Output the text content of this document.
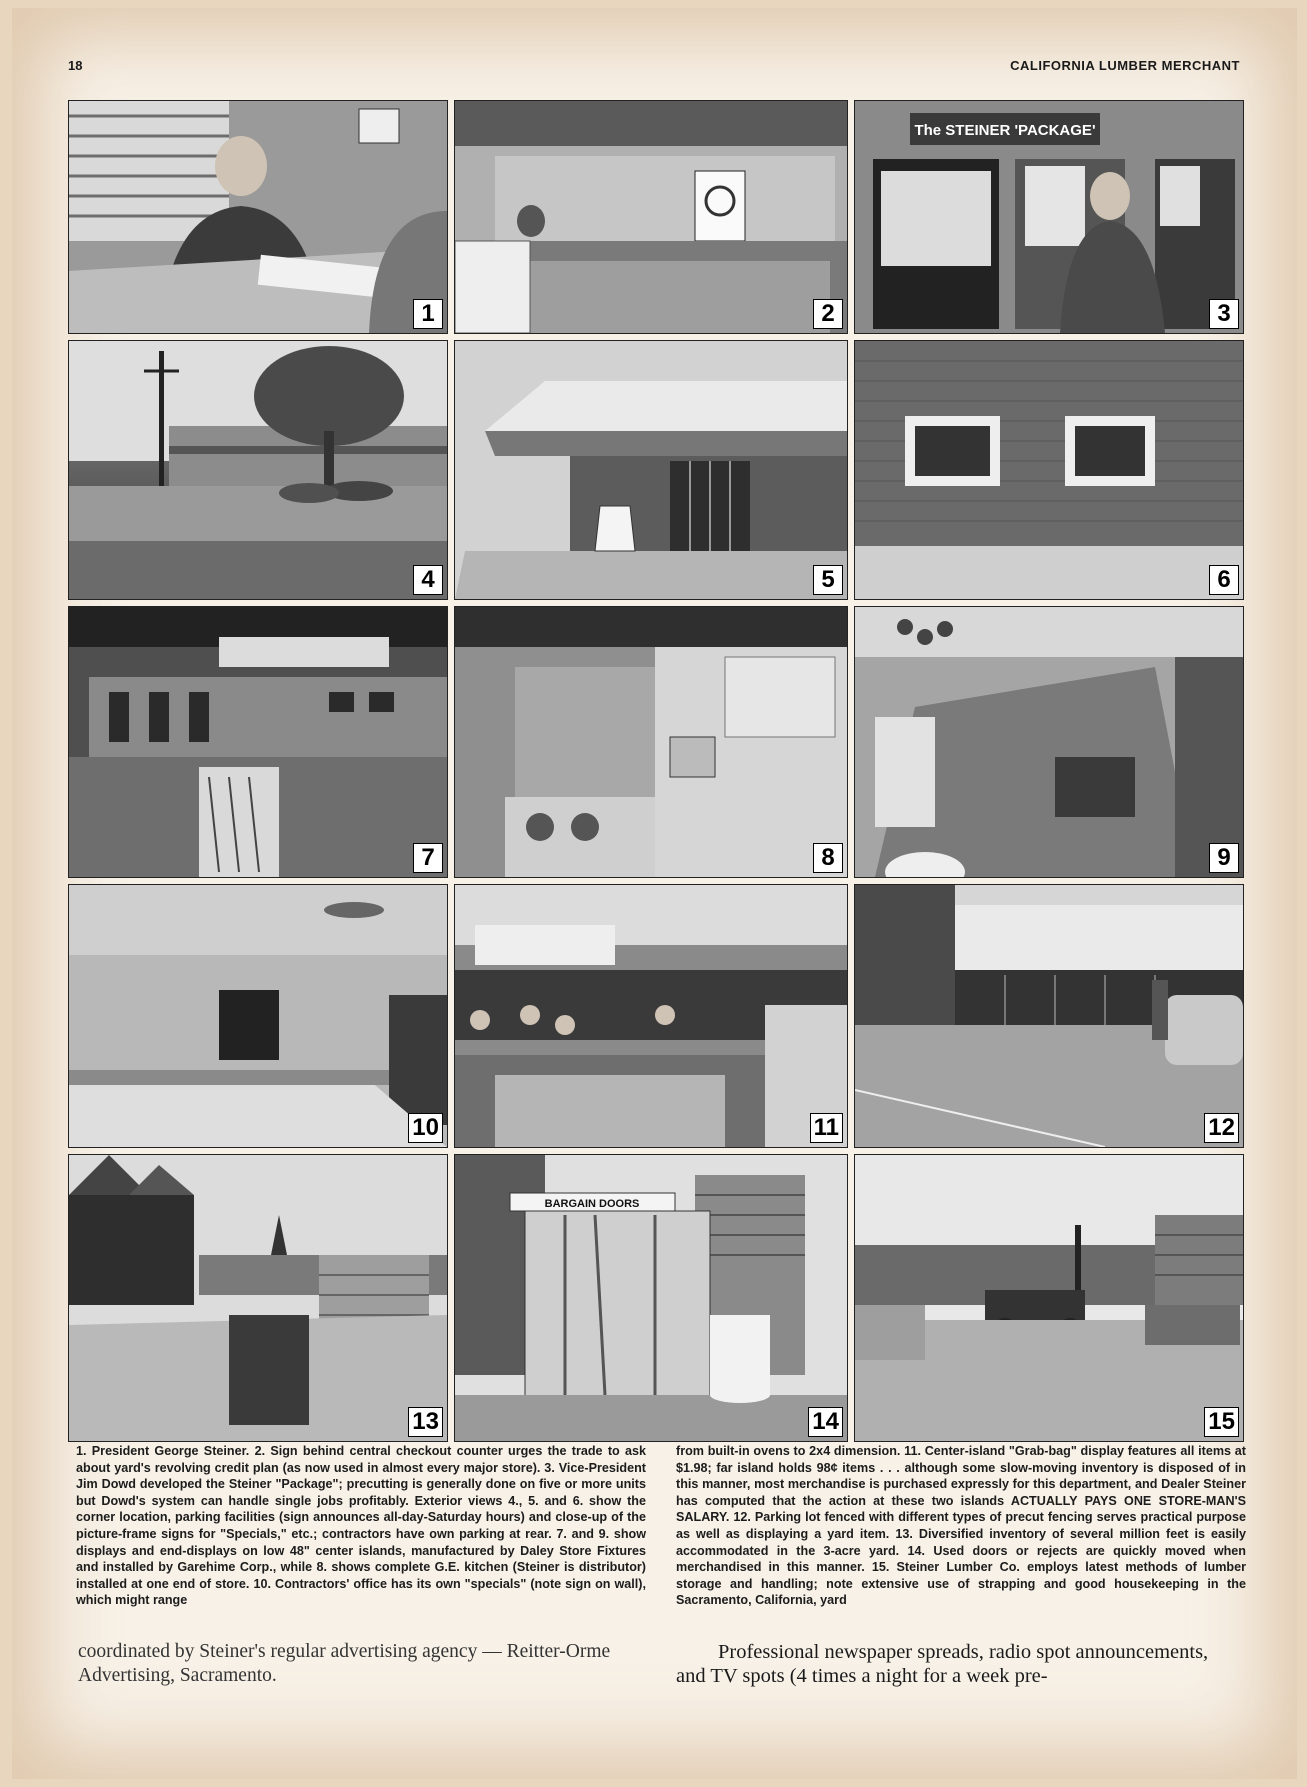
18	CALIFORNIA LUMBER MERCHANT
1	2
The STEINER 'PACKAGE'
3
4	5	6
7	8	9
10	11	12
13
BARGAIN DOORS
14	15
1. President George Steiner. 2. Sign behind central checkout counter urges the trade to ask about yard's revolving credit plan (as now used in almost every major store). 3. Vice-President Jim Dowd developed the Steiner "Package"; precutting is generally done on five or more units but Dowd's system can handle single jobs profitably. Exterior views 4., 5. and 6. show the corner location, parking facilities (sign announces all-day-Saturday hours) and close-up of the picture-frame signs for "Specials," etc.; contractors have own parking at rear. 7. and 9. show displays and end-displays on low 48" center islands, manufactured by Daley Store Fixtures and installed by Garehime Corp., while 8. shows complete G.E. kitchen (Steiner is distributor) installed at one end of store. 10. Contractors' office has its own "specials" (note sign on wall), which might range
from built-in ovens to 2x4 dimension. 11. Center-island "Grab-bag" display features all items at $1.98; far island holds 98¢ items . . . although some slow-moving inventory is disposed of in this manner, most merchandise is purchased expressly for this department, and Dealer Steiner has computed that the action at these two islands ACTUALLY PAYS ONE STORE-MAN'S SALARY. 12. Parking lot fenced with different types of precut fencing serves practical purpose as well as displaying a yard item. 13. Diversified inventory of several million feet is easily accommodated in the 3-acre yard. 14. Used doors or rejects are quickly moved when merchandised in this manner. 15. Steiner Lumber Co. employs latest methods of lumber storage and handling; note extensive use of strapping and good housekeeping in the Sacramento, California, yard
coordinated by Steiner's regular advertising agency — Reitter-Orme Advertising, Sacramento.
Professional newspaper spreads, radio spot announcements, and TV spots (4 times a night for a week pre-
